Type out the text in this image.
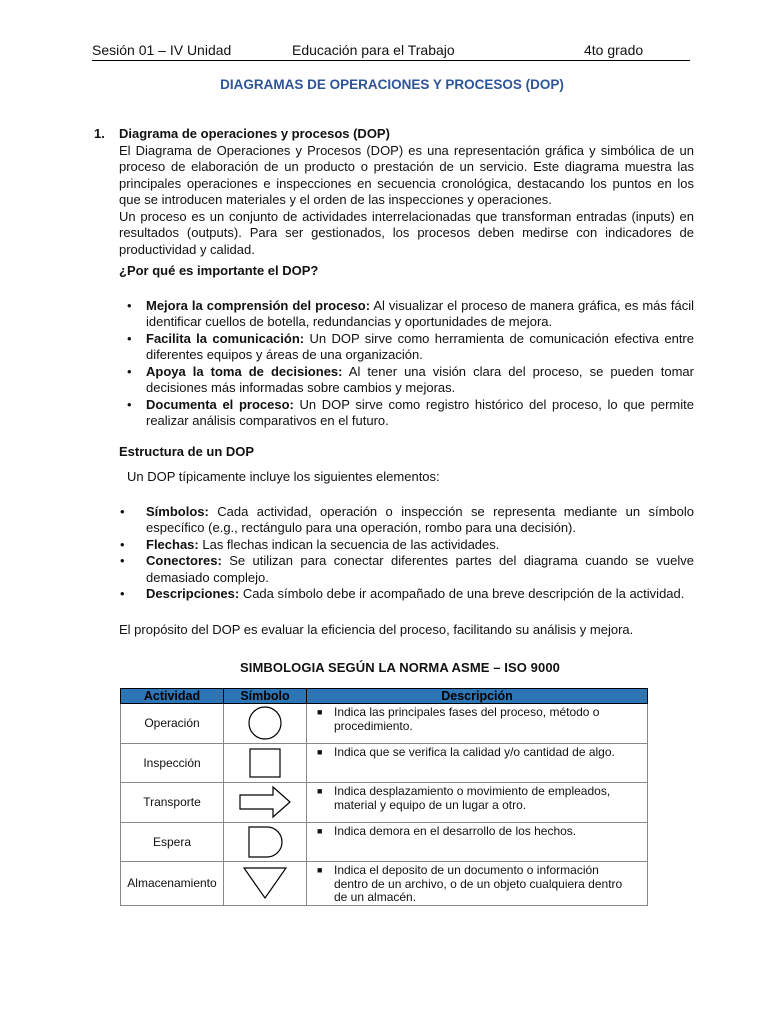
Sesión 01 – IV Unidad	Educación para el Trabajo	4to grado
DIAGRAMAS DE OPERACIONES Y PROCESOS (DOP)
1. Diagrama de operaciones y procesos (DOP)

El Diagrama de Operaciones y Procesos (DOP) es una representación gráfica y simbólica de un proceso de elaboración de un producto o prestación de un servicio. Este diagrama muestra las principales operaciones e inspecciones en secuencia cronológica, destacando los puntos en los que se introducen materiales y el orden de las inspecciones y operaciones.

Un proceso es un conjunto de actividades interrelacionadas que transforman entradas (inputs) en resultados (outputs). Para ser gestionados, los procesos deben medirse con indicadores de productividad y calidad.

¿Por qué es importante el DOP?
• Mejora la comprensión del proceso: Al visualizar el proceso de manera gráfica, es más fácil identificar cuellos de botella, redundancias y oportunidades de mejora.
• Facilita la comunicación: Un DOP sirve como herramienta de comunicación efectiva entre diferentes equipos y áreas de una organización.
• Apoya la toma de decisiones: Al tener una visión clara del proceso, se pueden tomar decisiones más informadas sobre cambios y mejoras.
• Documenta el proceso: Un DOP sirve como registro histórico del proceso, lo que permite realizar análisis comparativos en el futuro.
Estructura de un DOP
Un DOP típicamente incluye los siguientes elementos:
• Símbolos: Cada actividad, operación o inspección se representa mediante un símbolo específico (e.g., rectángulo para una operación, rombo para una decisión).
• Flechas: Las flechas indican la secuencia de las actividades.
• Conectores: Se utilizan para conectar diferentes partes del diagrama cuando se vuelve demasiado complejo.
• Descripciones: Cada símbolo debe ir acompañado de una breve descripción de la actividad.
El propósito del DOP es evaluar la eficiencia del proceso, facilitando su análisis y mejora.
SIMBOLOGIA SEGÚN LA NORMA ASME – ISO 9000
Actividad	Símbolo	Descripción
Operación		■ Indica las principales fases del proceso, método o
procedimiento.

Inspección		■ Indica que se verifica la calidad y/o cantidad de algo.

Transporte		■ Indica desplazamiento o movimiento de empleados,
material y equipo de un lugar a otro.

Espera		■ Indica demora en el desarrollo de los hechos.

Almacenamiento		■ Indica el deposito de un documento o información
dentro de un archivo, o de un objeto cualquiera dentro
de un almacén.
